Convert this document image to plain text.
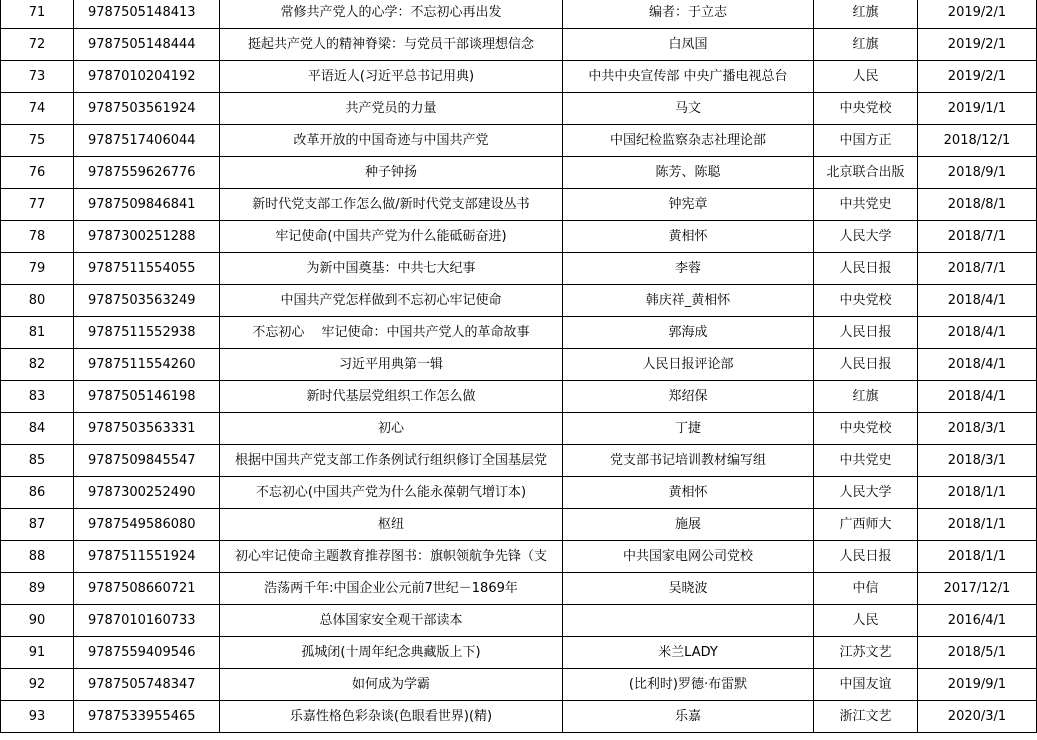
71	9787505148413	常修共产党人的心学：不忘初心再出发	编者：于立志	红旗	2019/2/1
72	9787505148444	挺起共产党人的精神脊梁：与党员干部谈理想信念	白凤国	红旗	2019/2/1
73	9787010204192	平语近人(习近平总书记用典)	中共中央宣传部 中央广播电视总台	人民	2019/2/1
74	9787503561924	共产党员的力量	马文	中央党校	2019/1/1
75	9787517406044	改革开放的中国奇迹与中国共产党	中国纪检监察杂志社理论部	中国方正	2018/12/1
76	9787559626776	种子钟扬	陈芳、陈聪	北京联合出版	2018/9/1
77	9787509846841	新时代党支部工作怎么做/新时代党支部建设丛书	钟宪章	中共党史	2018/8/1
78	9787300251288	牢记使命(中国共产党为什么能砥砺奋进)	黄相怀	人民大学	2018/7/1
79	9787511554055	为新中国奠基：中共七大纪事	李蓉	人民日报	2018/7/1
80	9787503563249	中国共产党怎样做到不忘初心牢记使命	韩庆祥_黄相怀	中央党校	2018/4/1
81	9787511552938	不忘初心　 牢记使命：中国共产党人的革命故事	郭海成	人民日报	2018/4/1
82	9787511554260	习近平用典第一辑	人民日报评论部	人民日报	2018/4/1
83	9787505146198	新时代基层党组织工作怎么做	郑绍保	红旗	2018/4/1
84	9787503563331	初心	丁捷	中央党校	2018/3/1
85	9787509845547	根据中国共产党支部工作条例试行组织修订全国基层党	党支部书记培训教材编写组	中共党史	2018/3/1
86	9787300252490	不忘初心(中国共产党为什么能永葆朝气增订本)	黄相怀	人民大学	2018/1/1
87	9787549586080	枢纽	施展	广西师大	2018/1/1
88	9787511551924	初心牢记使命主题教育推荐图书：旗帜领航争先锋（支	中共国家电网公司党校	人民日报	2018/1/1
89	9787508660721	浩荡两千年:中国企业公元前7世纪－1869年	吴晓波	中信	2017/12/1
90	9787010160733	总体国家安全观干部读本		人民	2016/4/1
91	9787559409546	孤城闭(十周年纪念典藏版上下)	米兰LADY	江苏文艺	2018/5/1
92	9787505748347	如何成为学霸	(比利时)罗德·布雷默	中国友谊	2019/9/1
93	9787533955465	乐嘉性格色彩杂谈(色眼看世界)(精)	乐嘉	浙江文艺	2020/3/1
